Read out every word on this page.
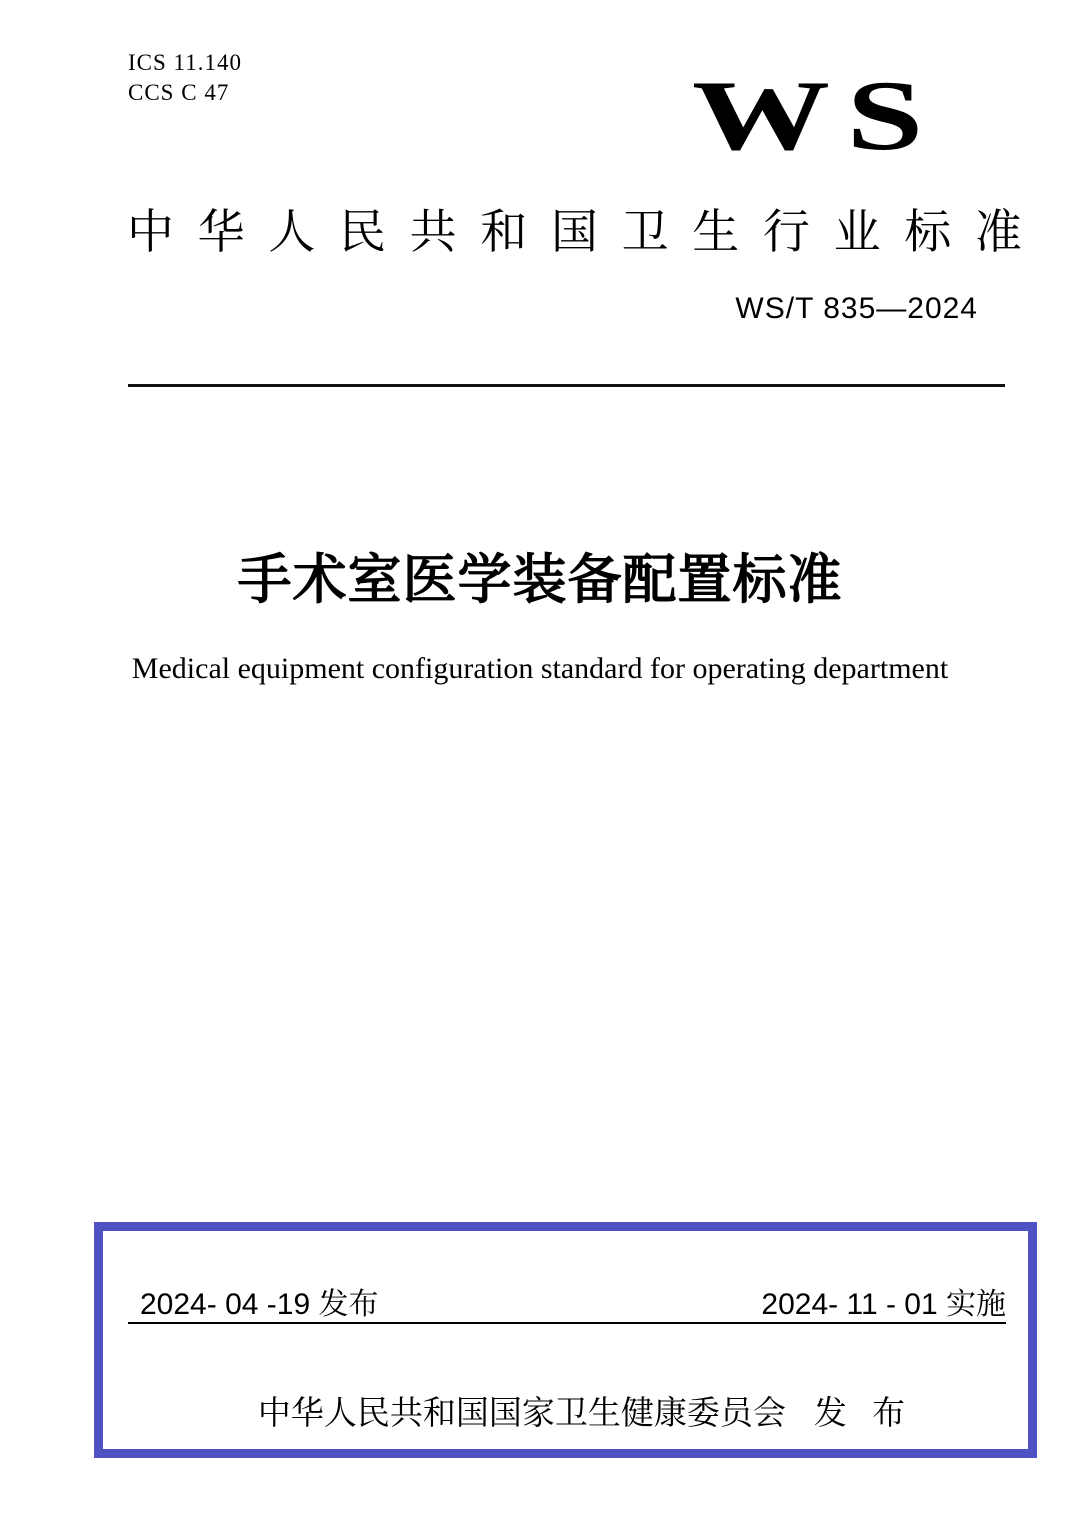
ICS 11.140
CCS C 47	WS
中 华 人 民 共 和 国 卫 生 行 业 标 准
WS/T 835—2024
手术室医学装备配置标准
Medical equipment configuration standard for operating department
2024- 04 -19 发布	2024- 11 - 01 实施
中华人民共和国国家卫生健康委员会 发 布
